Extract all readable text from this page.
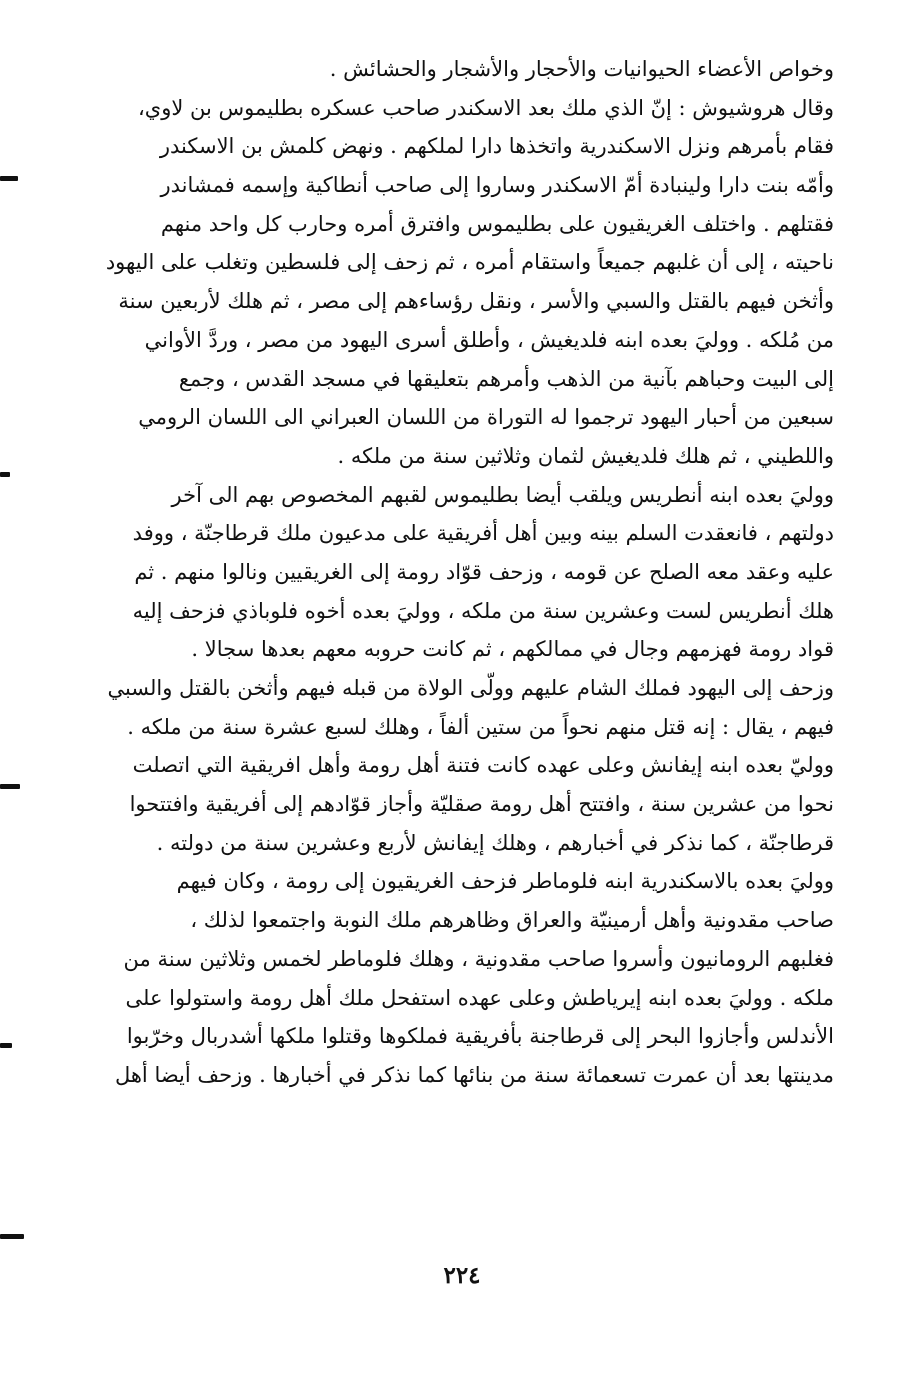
وخواص الأعضاء الحيوانيات والأحجار والأشجار والحشائش .
وقال هروشيوش : إنّ الذي ملك بعد الاسكندر صاحب عسكره بطليموس بن لاوي،
فقام بأمرهم ونزل الاسكندرية واتخذها دارا لملكهم . ونهض كلمش بن الاسكندر
وأمّه بنت دارا ولينبادة أمّ الاسكندر وساروا إلى صاحب أنطاكية وإسمه فمشاندر
فقتلهم . واختلف الغريقيون على بطليموس وافترق أمره وحارب كل واحد منهم
ناحيته ، إلى أن غلبهم جميعاً واستقام أمره ، ثم زحف إلى فلسطين وتغلب على اليهود
وأثخن فيهم بالقتل والسبي والأسر ، ونقل رؤساءهم إلى مصر ، ثم هلك لأربعين سنة
من مُلكه . ووليَ بعده ابنه فلديغيش ، وأطلق أسرى اليهود من مصر ، وردَّ الأواني
إلى البيت وحباهم بآنية من الذهب وأمرهم بتعليقها في مسجد القدس ، وجمع
سبعين من أحبار اليهود ترجموا له التوراة من اللسان العبراني الى اللسان الرومي
واللطيني ، ثم هلك فلديغيش لثمان وثلاثين سنة من ملكه .
ووليَ بعده ابنه أنطريس ويلقب أيضا بطليموس لقبهم المخصوص بهم الى آخر
دولتهم ، فانعقدت السلم بينه وبين أهل أفريقية على مدعيون ملك قرطاجنّة ، ووفد
عليه وعقد معه الصلح عن قومه ، وزحف قوّاد رومة إلى الغريقيين ونالوا منهم . ثم
هلك أنطريس لست وعشرين سنة من ملكه ، ووليَ بعده أخوه فلوباذي فزحف إليه
قواد رومة فهزمهم وجال في ممالكهم ، ثم كانت حروبه معهم بعدها سجالا .
وزحف إلى اليهود فملك الشام عليهم وولّى الولاة من قبله فيهم وأثخن بالقتل والسبي
فيهم ، يقال : إنه قتل منهم نحواً من ستين ألفاً ، وهلك لسبع عشرة سنة من ملكه .
ووليّ بعده ابنه إيفانش وعلى عهده كانت فتنة أهل رومة وأهل افريقية التي اتصلت
نحوا من عشرين سنة ، وافتتح أهل رومة صقليّة وأجاز قوّادهم إلى أفريقية وافتتحوا
قرطاجنّة ، كما نذكر في أخبارهم ، وهلك إيفانش لأربع وعشرين سنة من دولته .
ووليَ بعده بالاسكندرية ابنه فلوماطر فزحف الغريقيون إلى رومة ، وكان فيهم
صاحب مقدونية وأهل أرمينيّة والعراق وظاهرهم ملك النوبة واجتمعوا لذلك ،
فغلبهم الرومانيون وأسروا صاحب مقدونية ، وهلك فلوماطر لخمس وثلاثين سنة من
ملكه . ووليَ بعده ابنه إيرياطش وعلى عهده استفحل ملك أهل رومة واستولوا على
الأندلس وأجازوا البحر إلى قرطاجنة بأفريقية فملكوها وقتلوا ملكها أشدربال وخرّبوا
مدينتها بعد أن عمرت تسعمائة سنة من بنائها كما نذكر في أخبارها . وزحف أيضا أهل
٢٢٤
